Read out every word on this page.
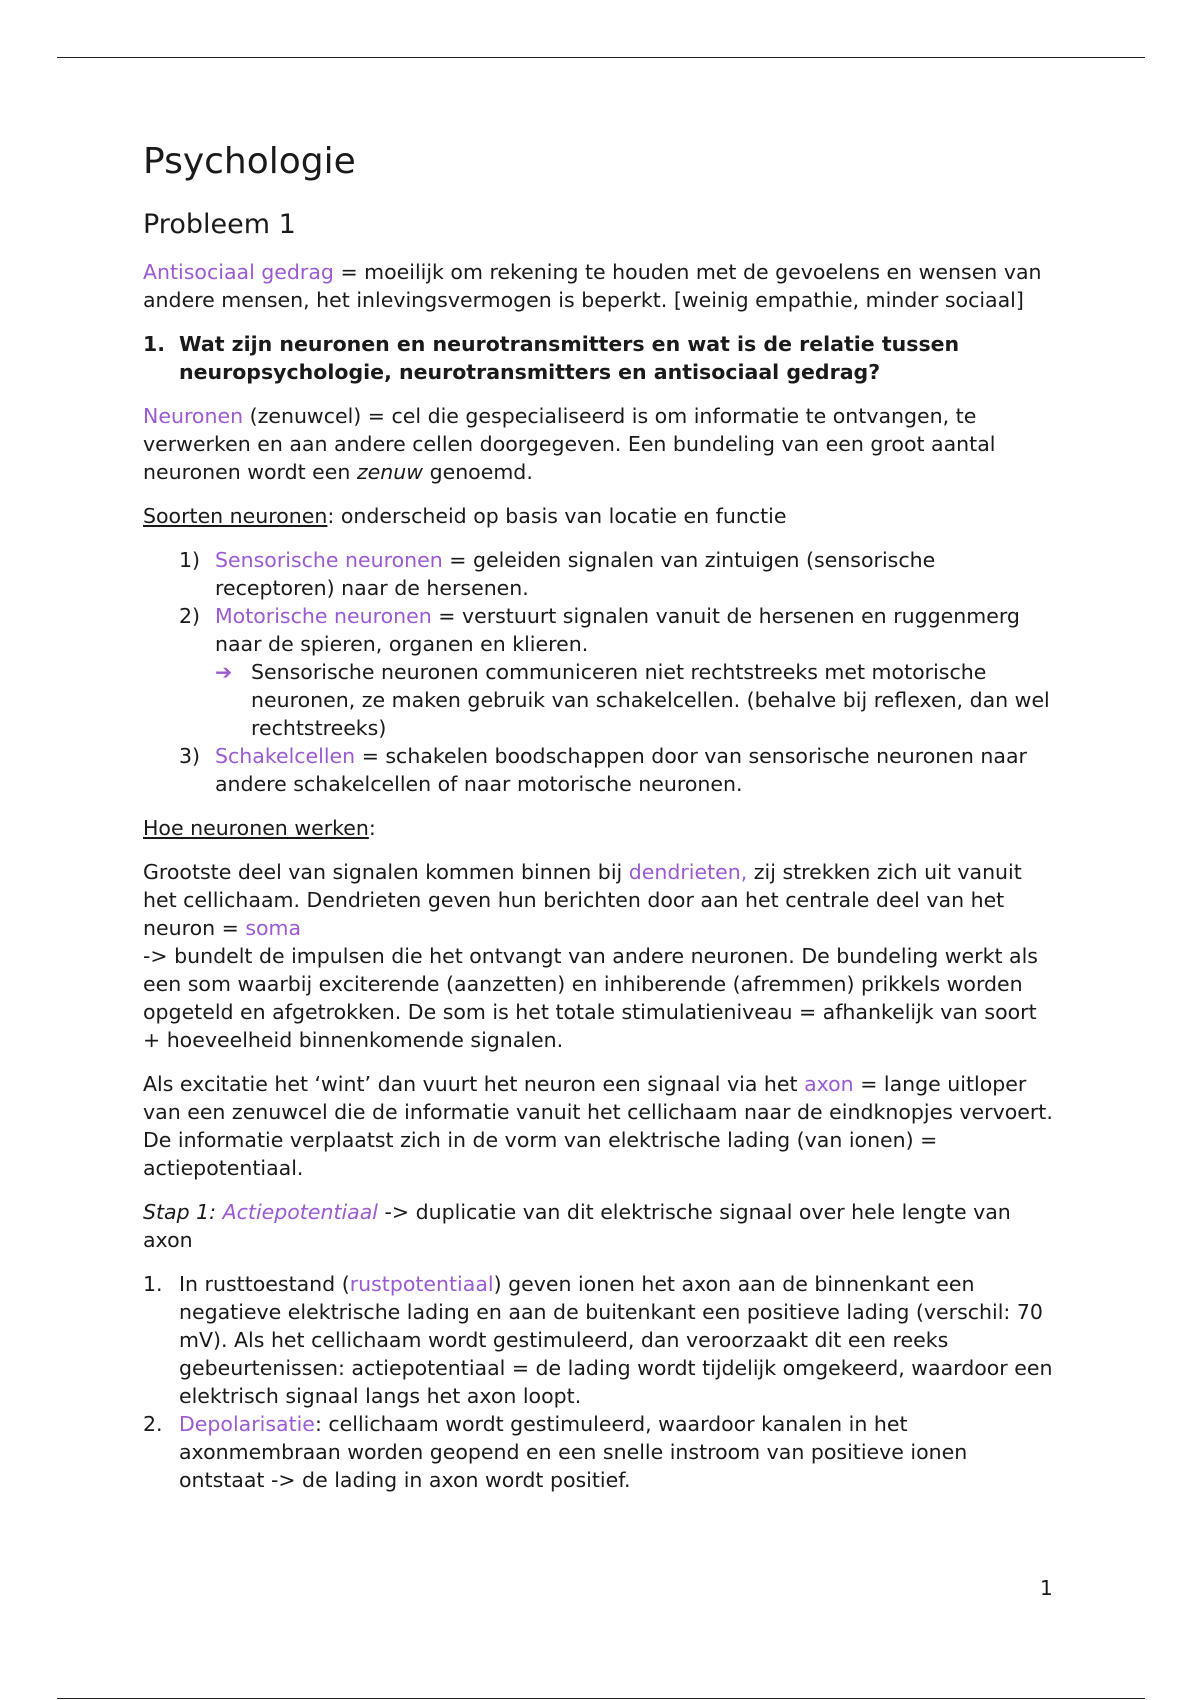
Psychologie
Probleem 1

Antisociaal gedrag = moeilijk om rekening te houden met de gevoelens en wensen van andere mensen, het inlevingsvermogen is beperkt. [weinig empathie, minder sociaal]

1. Wat zijn neuronen en neurotransmitters en wat is de relatie tussen neuropsychologie, neurotransmitters en antisociaal gedrag?

Neuronen (zenuwcel) = cel die gespecialiseerd is om informatie te ontvangen, te verwerken en aan andere cellen doorgegeven. Een bundeling van een groot aantal neuronen wordt een zenuw genoemd.

Soorten neuronen: onderscheid op basis van locatie en functie

1) Sensorische neuronen = geleiden signalen van zintuigen (sensorische receptoren) naar de hersenen.
2) Motorische neuronen = verstuurt signalen vanuit de hersenen en ruggenmerg naar de spieren, organen en klieren.
➔ Sensorische neuronen communiceren niet rechtstreeks met motorische neuronen, ze maken gebruik van schakelcellen. (behalve bij reflexen, dan wel rechtstreeks)
3) Schakelcellen = schakelen boodschappen door van sensorische neuronen naar andere schakelcellen of naar motorische neuronen.

Hoe neuronen werken:

Grootste deel van signalen kommen binnen bij dendrieten, zij strekken zich uit vanuit het cellichaam. Dendrieten geven hun berichten door aan het centrale deel van het neuron = soma
-> bundelt de impulsen die het ontvangt van andere neuronen. De bundeling werkt als een som waarbij exciterende (aanzetten) en inhiberende (afremmen) prikkels worden opgeteld en afgetrokken. De som is het totale stimulatieniveau = afhankelijk van soort + hoeveelheid binnenkomende signalen.

Als excitatie het ‘wint’ dan vuurt het neuron een signaal via het axon = lange uitloper van een zenuwcel die de informatie vanuit het cellichaam naar de eindknopjes vervoert. De informatie verplaatst zich in de vorm van elektrische lading (van ionen) = actiepotentiaal.

Stap 1: Actiepotentiaal -> duplicatie van dit elektrische signaal over hele lengte van axon

1. In rusttoestand (rustpotentiaal) geven ionen het axon aan de binnenkant een negatieve elektrische lading en aan de buitenkant een positieve lading (verschil: 70 mV). Als het cellichaam wordt gestimuleerd, dan veroorzaakt dit een reeks gebeurtenissen: actiepotentiaal = de lading wordt tijdelijk omgekeerd, waardoor een elektrisch signaal langs het axon loopt.
2. Depolarisatie: cellichaam wordt gestimuleerd, waardoor kanalen in het axonmembraan worden geopend en een snelle instroom van positieve ionen ontstaat -> de lading in axon wordt positief.
1
